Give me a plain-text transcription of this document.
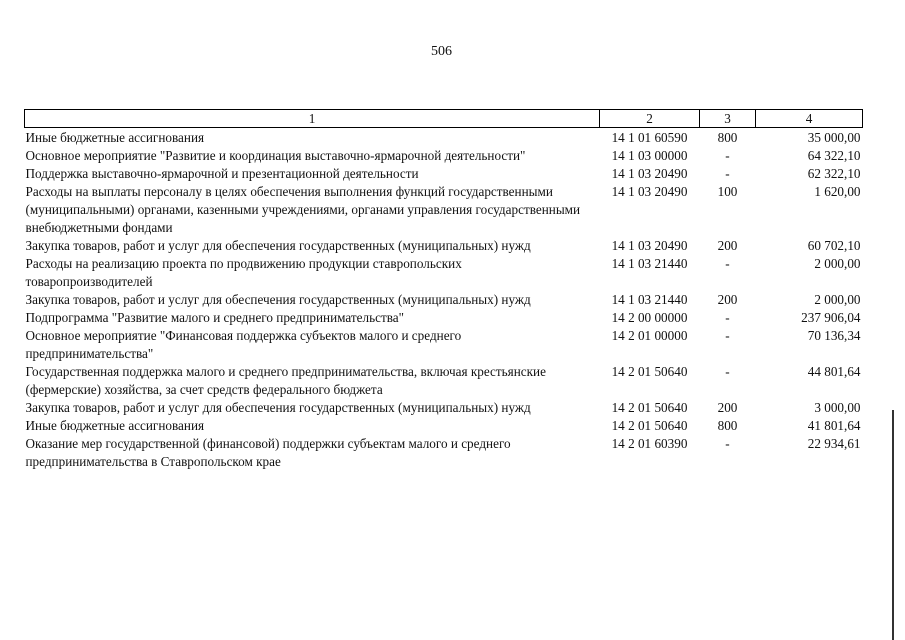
506
1	2	3	4
Иные бюджетные ассигнования	14 1 01 60590	800	35 000,00
Основное мероприятие "Развитие и координация выставочно-ярмарочной деятельности"	14 1 03 00000	-	64 322,10
Поддержка выставочно-ярмарочной и презентационной деятельности	14 1 03 20490	-	62 322,10
Расходы на выплаты персоналу в целях обеспечения выполнения функций государственными (муниципальными) органами, казенными учреждениями, органами управления государственными внебюджетными фондами	14 1 03 20490	100	1 620,00
Закупка товаров, работ и услуг для обеспечения государственных (муниципальных) нужд	14 1 03 20490	200	60 702,10
Расходы на реализацию проекта по продвижению продукции ставропольских товаропроизводителей	14 1 03 21440	-	2 000,00
Закупка товаров, работ и услуг для обеспечения государственных (муниципальных) нужд	14 1 03 21440	200	2 000,00
Подпрограмма "Развитие малого и среднего предпринимательства"	14 2 00 00000	-	237 906,04
Основное мероприятие "Финансовая поддержка субъектов малого и среднего предпринимательства"	14 2 01 00000	-	70 136,34
Государственная поддержка малого и среднего предпринимательства, включая крестьянские (фермерские) хозяйства, за счет средств федерального бюджета	14 2 01 50640	-	44 801,64
Закупка товаров, работ и услуг для обеспечения государственных (муниципальных) нужд	14 2 01 50640	200	3 000,00
Иные бюджетные ассигнования	14 2 01 50640	800	41 801,64
Оказание мер государственной (финансовой) поддержки субъектам малого и среднего предпринимательства в Ставропольском крае	14 2 01 60390	-	22 934,61
